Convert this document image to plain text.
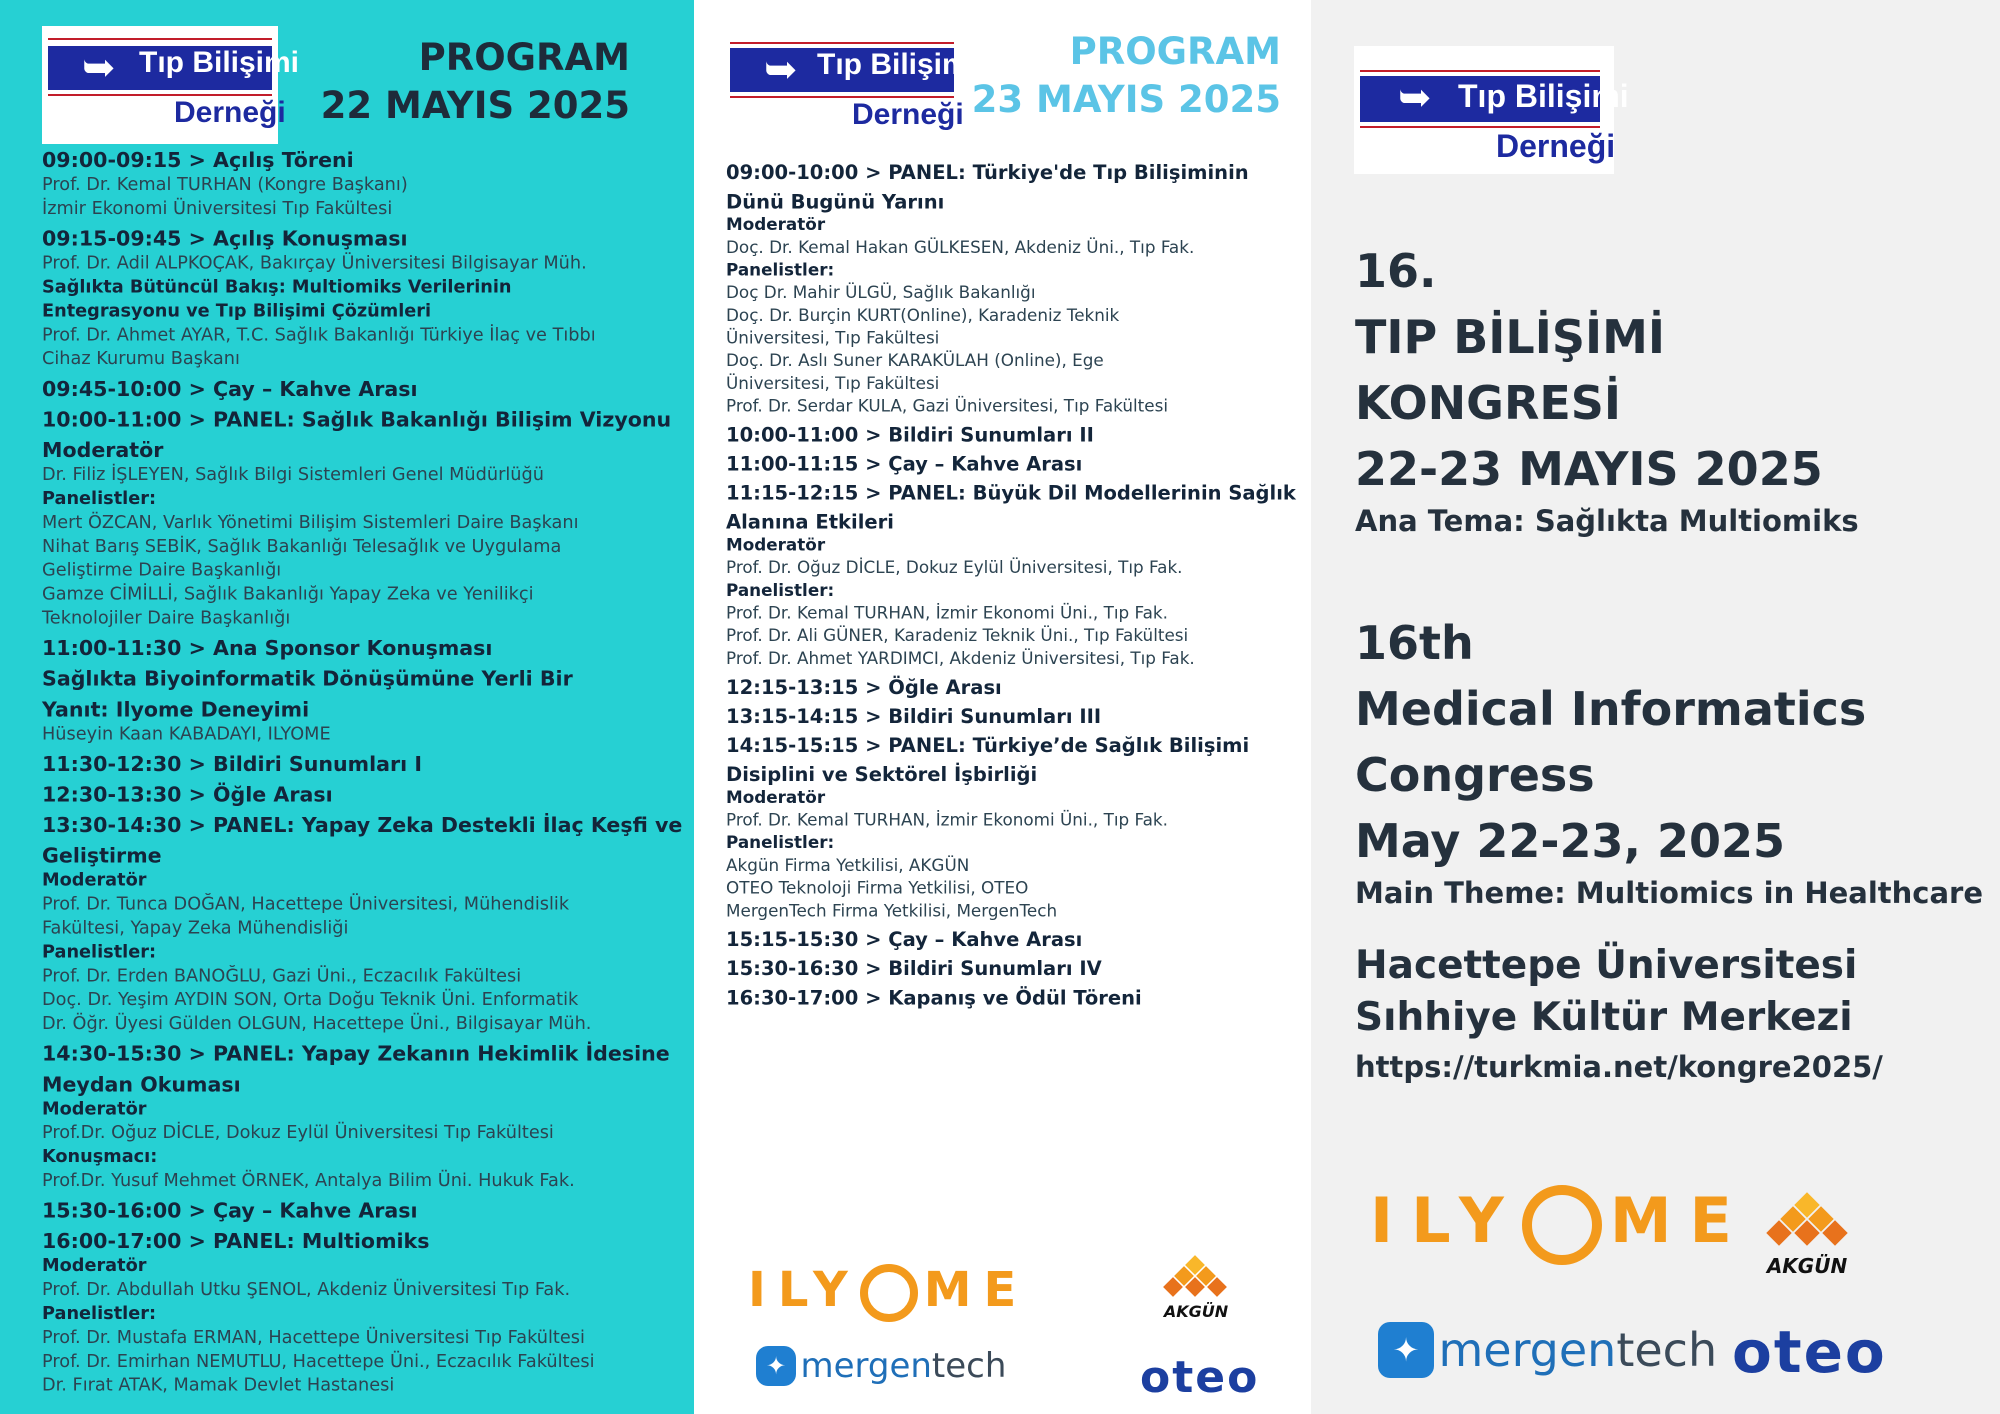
➥ Tıp Bilişimi
Derneği
PROGRAM
22 MAYIS 2025
09:00-09:15 > Açılış Töreni
Prof. Dr. Kemal TURHAN (Kongre Başkanı)
İzmir Ekonomi Üniversitesi Tıp Fakültesi
09:15-09:45 > Açılış Konuşması
Prof. Dr. Adil ALPKOÇAK, Bakırçay Üniversitesi Bilgisayar Müh.
Sağlıkta Bütüncül Bakış: Multiomiks Verilerinin
Entegrasyonu ve Tıp Bilişimi Çözümleri
Prof. Dr. Ahmet AYAR, T.C. Sağlık Bakanlığı Türkiye İlaç ve Tıbbı
Cihaz Kurumu Başkanı
09:45-10:00 > Çay – Kahve Arası
10:00-11:00 > PANEL: Sağlık Bakanlığı Bilişim Vizyonu
Moderatör
Dr. Filiz İŞLEYEN, Sağlık Bilgi Sistemleri Genel Müdürlüğü
Panelistler:
Mert ÖZCAN, Varlık Yönetimi Bilişim Sistemleri Daire Başkanı
Nihat Barış SEBİK, Sağlık Bakanlığı Telesağlık ve Uygulama
Geliştirme Daire Başkanlığı
Gamze CİMİLLİ, Sağlık Bakanlığı Yapay Zeka ve Yenilikçi
Teknolojiler Daire Başkanlığı
11:00-11:30 > Ana Sponsor Konuşması
Sağlıkta Biyoinformatik Dönüşümüne Yerli Bir
Yanıt: Ilyome Deneyimi
Hüseyin Kaan KABADAYI, ILYOME
11:30-12:30 > Bildiri Sunumları I
12:30-13:30 > Öğle Arası
13:30-14:30 > PANEL: Yapay Zeka Destekli İlaç Keşfi ve
Geliştirme
Moderatör
Prof. Dr. Tunca DOĞAN, Hacettepe Üniversitesi, Mühendislik
Fakültesi, Yapay Zeka Mühendisliği
Panelistler:
Prof. Dr. Erden BANOĞLU, Gazi Üni., Eczacılık Fakültesi
Doç. Dr. Yeşim AYDIN SON, Orta Doğu Teknik Üni. Enformatik
Dr. Öğr. Üyesi Gülden OLGUN, Hacettepe Üni., Bilgisayar Müh.
14:30-15:30 > PANEL: Yapay Zekanın Hekimlik İdesine
Meydan Okuması
Moderatör
Prof.Dr. Oğuz DİCLE, Dokuz Eylül Üniversitesi Tıp Fakültesi
Konuşmacı:
Prof.Dr. Yusuf Mehmet ÖRNEK, Antalya Bilim Üni. Hukuk Fak.
15:30-16:00 > Çay – Kahve Arası
16:00-17:00 > PANEL: Multiomiks
Moderatör
Prof. Dr. Abdullah Utku ŞENOL, Akdeniz Üniversitesi Tıp Fak.
Panelistler:
Prof. Dr. Mustafa ERMAN, Hacettepe Üniversitesi Tıp Fakültesi
Prof. Dr. Emirhan NEMUTLU, Hacettepe Üni., Eczacılık Fakültesi
Dr. Fırat ATAK, Mamak Devlet Hastanesi
➥ Tıp Bilişimi
Derneği
PROGRAM
23 MAYIS 2025
09:00-10:00 > PANEL: Türkiye'de Tıp Bilişiminin
Dünü Bugünü Yarını
Moderatör
Doç. Dr. Kemal Hakan GÜLKESEN, Akdeniz Üni., Tıp Fak.
Panelistler:
Doç Dr. Mahir ÜLGÜ, Sağlık Bakanlığı
Doç. Dr. Burçin KURT(Online), Karadeniz Teknik
Üniversitesi, Tıp Fakültesi
Doç. Dr. Aslı Suner KARAKÜLAH (Online), Ege
Üniversitesi, Tıp Fakültesi
Prof. Dr. Serdar KULA, Gazi Üniversitesi, Tıp Fakültesi
10:00-11:00 > Bildiri Sunumları II
11:00-11:15 > Çay – Kahve Arası
11:15-12:15 > PANEL: Büyük Dil Modellerinin Sağlık
Alanına Etkileri
Moderatör
Prof. Dr. Oğuz DİCLE, Dokuz Eylül Üniversitesi, Tıp Fak.
Panelistler:
Prof. Dr. Kemal TURHAN, İzmir Ekonomi Üni., Tıp Fak.
Prof. Dr. Ali GÜNER, Karadeniz Teknik Üni., Tıp Fakültesi
Prof. Dr. Ahmet YARDIMCI, Akdeniz Üniversitesi, Tıp Fak.
12:15-13:15 > Öğle Arası
13:15-14:15 > Bildiri Sunumları III
14:15-15:15 > PANEL: Türkiye’de Sağlık Bilişimi
Disiplini ve Sektörel İşbirliği
Moderatör
Prof. Dr. Kemal TURHAN, İzmir Ekonomi Üni., Tıp Fak.
Panelistler:
Akgün Firma Yetkilisi, AKGÜN
OTEO Teknoloji Firma Yetkilisi, OTEO
MergenTech Firma Yetkilisi, MergenTech
15:15-15:30 > Çay – Kahve Arası
15:30-16:30 > Bildiri Sunumları IV
16:30-17:00 > Kapanış ve Ödül Töreni
ILY ME
✦ mergentech
AKGÜN
oteo
➥ Tıp Bilişimi
Derneği
16.
TIP BİLİŞİMİ
KONGRESİ
22-23 MAYIS 2025
Ana Tema: Sağlıkta Multiomiks
16th
Medical Informatics
Congress
May 22-23, 2025
Main Theme: Multiomics in Healthcare
Hacettepe Üniversitesi
Sıhhiye Kültür Merkezi
https://turkmia.net/kongre2025/
ILY ME
AKGÜN
✦ mergentech oteo
